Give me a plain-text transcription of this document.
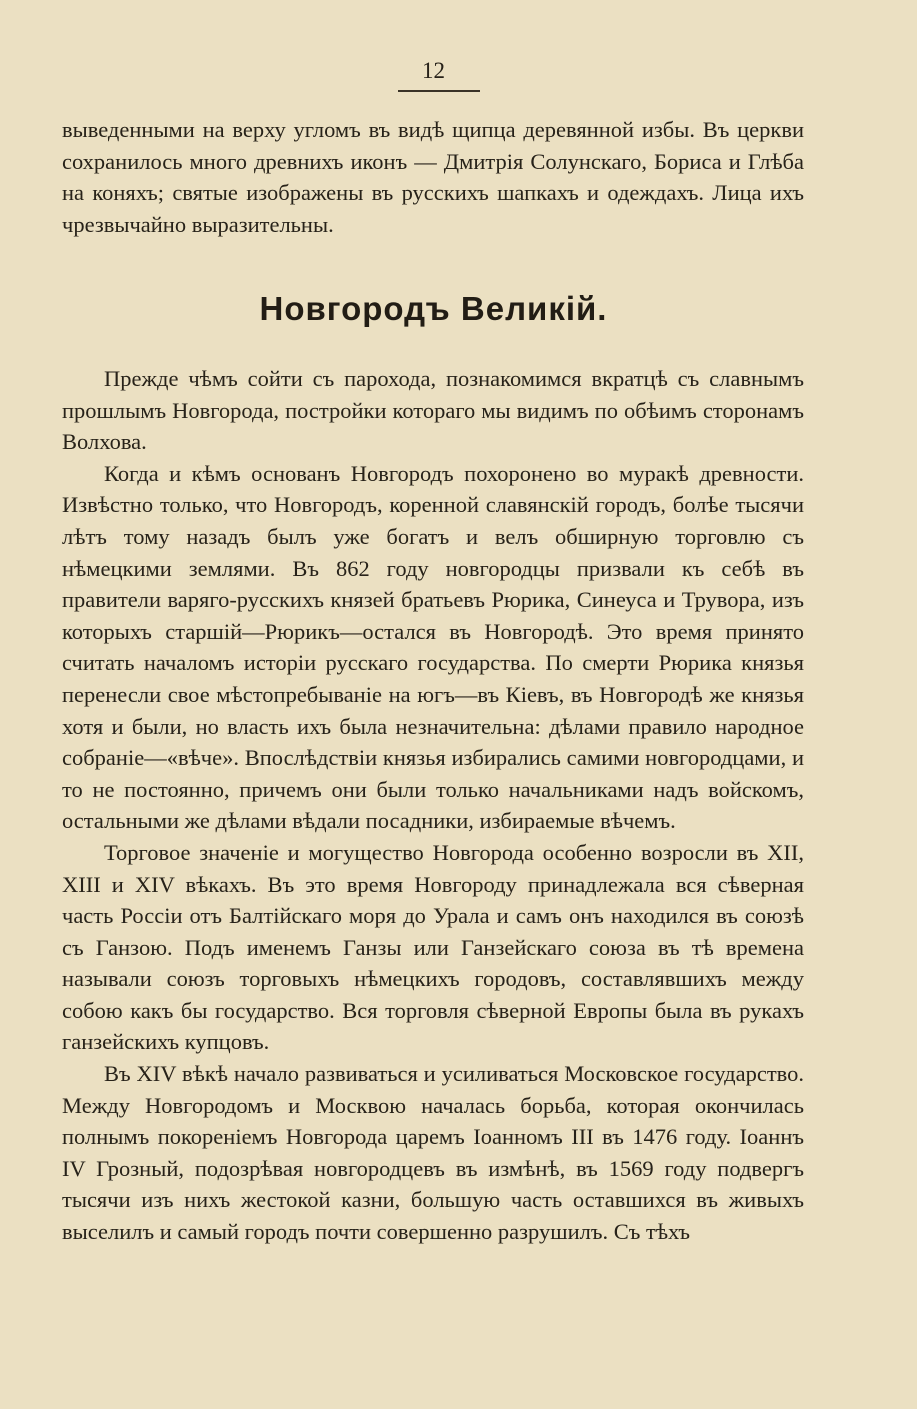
12

выведенными на верху угломъ въ видѣ щипца деревянной избы. Въ церкви сохранилось много древнихъ иконъ — Дмитрія Солунскаго, Бориса и Глѣба на коняхъ; святые изображены въ русскихъ шапкахъ и одеждахъ. Лица ихъ чрезвычайно выразительны.

Новгородъ Великій.

Прежде чѣмъ сойти съ парохода, познакомимся вкратцѣ съ славнымъ прошлымъ Новгорода, постройки котораго мы видимъ по обѣимъ сторонамъ Волхова.

Когда и кѣмъ основанъ Новгородъ похоронено во муракѣ древности. Извѣстно только, что Новгородъ, коренной славянскій городъ, болѣе тысячи лѣтъ тому назадъ былъ уже богатъ и велъ обширную торговлю съ нѣмецкими землями. Въ 862 году новгородцы призвали къ себѣ въ правители варяго-русскихъ князей братьевъ Рюрика, Синеуса и Трувора, изъ которыхъ старшій—Рюрикъ—остался въ Новгородѣ. Это время принято считать началомъ исторіи русскаго государства. По смерти Рюрика князья перенесли свое мѣстопребываніе на югъ—въ Кіевъ, въ Новгородѣ же князья хотя и были, но власть ихъ была незначительна: дѣлами правило народное собраніе—«вѣче». Впослѣдствіи князья избирались самими новгородцами, и то не постоянно, причемъ они были только начальниками надъ войскомъ, остальными же дѣлами вѣдали посадники, избираемые вѣчемъ.

Торговое значеніе и могущество Новгорода особенно возросли въ XII, XIII и XIV вѣкахъ. Въ это время Новгороду принадлежала вся сѣверная часть Россіи отъ Балтійскаго моря до Урала и самъ онъ находился въ союзѣ съ Ганзою. Подъ именемъ Ганзы или Ганзейскаго союза въ тѣ времена называли союзъ торговыхъ нѣмецкихъ городовъ, составлявшихъ между собою какъ бы государство. Вся торговля сѣверной Европы была въ рукахъ ганзейскихъ купцовъ.

Въ XIV вѣкѣ начало развиваться и усиливаться Московское государство. Между Новгородомъ и Москвою началась борьба, которая окончилась полнымъ покореніемъ Новгорода царемъ Іоанномъ III въ 1476 году. Іоаннъ IV Грозный, подозрѣвая новгородцевъ въ измѣнѣ, въ 1569 году подвергъ тысячи изъ нихъ жестокой казни, большую часть оставшихся въ живыхъ выселилъ и самый городъ почти совершенно разрушилъ. Съ тѣхъ
